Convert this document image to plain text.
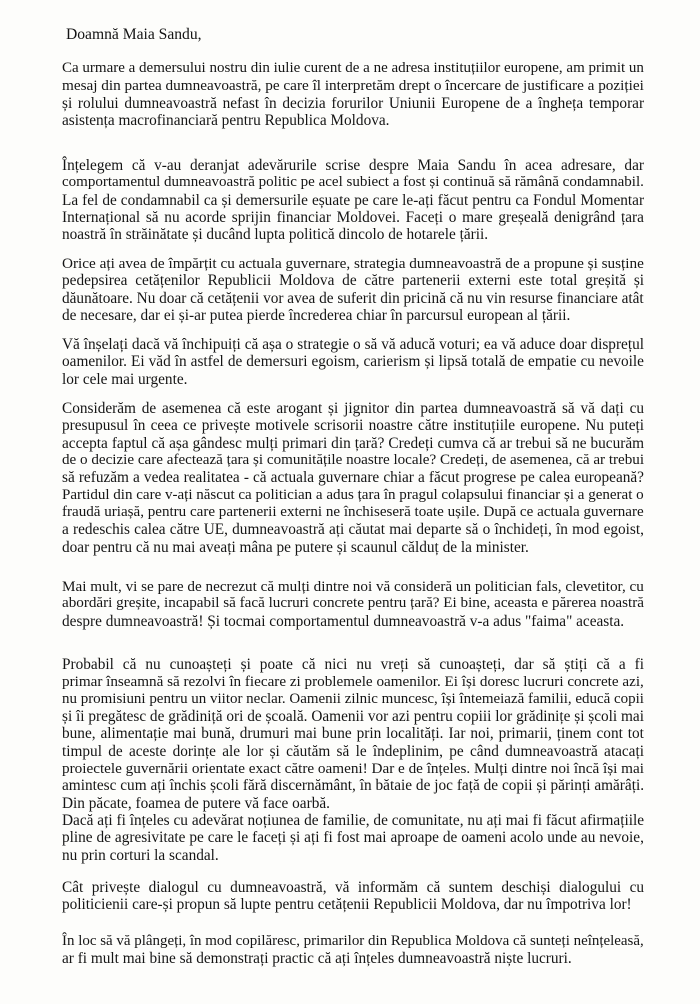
Doamnă Maia Sandu,

Ca urmare a demersului nostru din iulie curent de a ne adresa instituțiilor europene, am primit un
mesaj din partea dumneavoastră, pe care îl interpretăm drept o încercare de justificare a poziției
și rolului dumneavoastră nefast în decizia forurilor Uniunii Europene de a îngheța temporar
asistența macrofinanciară pentru Republica Moldova.
Înțelegem că v-au deranjat adevărurile scrise despre Maia Sandu în acea adresare, dar
comportamentul dumneavoastră politic pe acel subiect a fost și continuă să rămână condamnabil.
La fel de condamnabil ca și demersurile eșuate pe care le-ați făcut pentru ca Fondul Momentar
Internațional să nu acorde sprijin financiar Moldovei. Faceți o mare greșeală denigrând țara
noastră în străinătate și ducând lupta politică dincolo de hotarele țării.
Orice ați avea de împărțit cu actuala guvernare, strategia dumneavoastră de a propune și susține
pedepsirea cetățenilor Republicii Moldova de către partenerii externi este total greșită și
dăunătoare. Nu doar că cetățenii vor avea de suferit din pricină că nu vin resurse financiare atât
de necesare, dar ei și-ar putea pierde încrederea chiar în parcursul european al țării.
Vă înșelați dacă vă închipuiți că așa o strategie o să vă aducă voturi; ea vă aduce doar disprețul
oamenilor. Ei văd în astfel de demersuri egoism, carierism și lipsă totală de empatie cu nevoile
lor cele mai urgente.
Considerăm de asemenea că este arogant și jignitor din partea dumneavoastră să vă dați cu
presupusul în ceea ce privește motivele scrisorii noastre către instituțiile europene. Nu puteți
accepta faptul că așa gândesc mulți primari din țară? Credeți cumva că ar trebui să ne bucurăm
de o decizie care afectează țara și comunitățile noastre locale? Credeți, de asemenea, că ar trebui
să refuzăm a vedea realitatea - că actuala guvernare chiar a făcut progrese pe calea europeană?
Partidul din care v-ați născut ca politician a adus țara în pragul colapsului financiar și a generat o
fraudă uriașă, pentru care partenerii externi ne închiseseră toate ușile. După ce actuala guvernare
a redeschis calea către UE, dumneavoastră ați căutat mai departe să o închideți, în mod egoist,
doar pentru că nu mai aveați mâna pe putere și scaunul călduț de la minister.
Mai mult, vi se pare de necrezut că mulți dintre noi vă consideră un politician fals, clevetitor, cu
abordări greșite, incapabil să facă lucruri concrete pentru țară? Ei bine, aceasta e părerea noastră
despre dumneavoastră! Și tocmai comportamentul dumneavoastră v-a adus "faima" aceasta.
Probabil că nu cunoașteți și poate că nici nu vreți să cunoașteți, dar să știți că a fi
primar înseamnă să rezolvi în fiecare zi problemele oamenilor. Ei își doresc lucruri concrete azi,
nu promisiuni pentru un viitor neclar. Oamenii zilnic muncesc, își întemeiază familii, educă copii
și îi pregătesc de grădiniță ori de școală. Oamenii vor azi pentru copiii lor grădinițe și școli mai
bune, alimentație mai bună, drumuri mai bune prin localități. Iar noi, primarii, ținem cont tot
timpul de aceste dorințe ale lor și căutăm să le îndeplinim, pe când dumneavoastră atacați
proiectele guvernării orientate exact către oameni! Dar e de înțeles. Mulți dintre noi încă își mai
amintesc cum ați închis școli fără discernământ, în bătaie de joc față de copii și părinți amărâți.
Din păcate, foamea de putere vă face oarbă.
Dacă ați fi înțeles cu adevărat noțiunea de familie, de comunitate, nu ați mai fi făcut afirmațiile
pline de agresivitate pe care le faceți și ați fi fost mai aproape de oameni acolo unde au nevoie,
nu prin corturi la scandal.
Cât privește dialogul cu dumneavoastră, vă informăm că suntem deschiși dialogului cu
politicienii care-și propun să lupte pentru cetățenii Republicii Moldova, dar nu împotriva lor!
În loc să vă plângeți, în mod copilăresc, primarilor din Republica Moldova că sunteți neînțeleasă,
ar fi mult mai bine să demonstrați practic că ați înțeles dumneavoastră niște lucruri.
